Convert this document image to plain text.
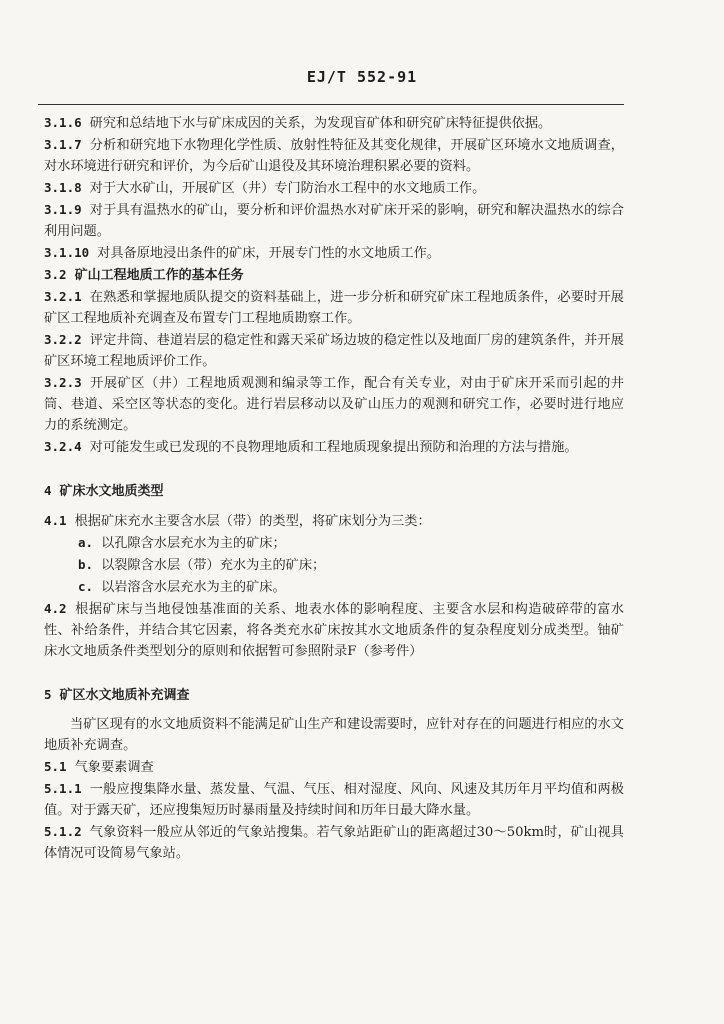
EJ/T 552-91
3.1.6 研究和总结地下水与矿床成因的关系，为发现盲矿体和研究矿床特征提供依据。
3.1.7 分析和研究地下水物理化学性质、放射性特征及其变化规律，开展矿区环境水文地质调查，对水环境进行研究和评价，为今后矿山退役及其环境治理积累必要的资料。
3.1.8 对于大水矿山，开展矿区（井）专门防治水工程中的水文地质工作。
3.1.9 对于具有温热水的矿山，要分析和评价温热水对矿床开采的影响，研究和解决温热水的综合利用问题。
3.1.10 对具备原地浸出条件的矿床，开展专门性的水文地质工作。
3.2 矿山工程地质工作的基本任务
3.2.1 在熟悉和掌握地质队提交的资料基础上，进一步分析和研究矿床工程地质条件，必要时开展矿区工程地质补充调查及布置专门工程地质勘察工作。
3.2.2 评定井筒、巷道岩层的稳定性和露天采矿场边坡的稳定性以及地面厂房的建筑条件，并开展矿区环境工程地质评价工作。
3.2.3 开展矿区（井）工程地质观测和编录等工作，配合有关专业，对由于矿床开采而引起的井筒、巷道、采空区等状态的变化。进行岩层移动以及矿山压力的观测和研究工作，必要时进行地应力的系统测定。
3.2.4 对可能发生或已发现的不良物理地质和工程地质现象提出预防和治理的方法与措施。
4 矿床水文地质类型
4.1 根据矿床充水主要含水层（带）的类型，将矿床划分为三类：
a. 以孔隙含水层充水为主的矿床；
b. 以裂隙含水层（带）充水为主的矿床；
c. 以岩溶含水层充水为主的矿床。
4.2 根据矿床与当地侵蚀基准面的关系、地表水体的影响程度、主要含水层和构造破碎带的富水性、补给条件，并结合其它因素，将各类充水矿床按其水文地质条件的复杂程度划分成类型。铀矿床水文地质条件类型划分的原则和依据暂可参照附录F（参考件）
5 矿区水文地质补充调查
当矿区现有的水文地质资料不能满足矿山生产和建设需要时，应针对存在的问题进行相应的水文地质补充调查。
5.1 气象要素调查
5.1.1 一般应搜集降水量、蒸发量、气温、气压、相对湿度、风向、风速及其历年月平均值和两极值。对于露天矿，还应搜集短历时暴雨量及持续时间和历年日最大降水量。
5.1.2 气象资料一般应从邻近的气象站搜集。若气象站距矿山的距离超过30～50km时，矿山视具体情况可设简易气象站。
